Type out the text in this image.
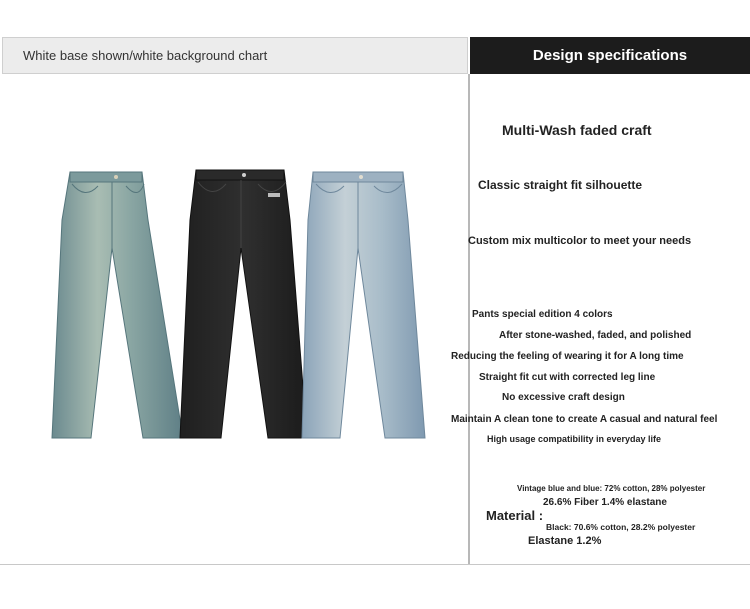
White base shown/white background chart	Design specifications
Multi-Wash faded craft
Classic straight fit silhouette
Custom mix multicolor to meet your needs
Pants special edition 4 colors
After stone-washed, faded, and polished
Reducing the feeling of wearing it for A long time
Straight fit cut with corrected leg line
No excessive craft design
Maintain A clean tone to create A casual and natural feel
High usage compatibility in everyday life
Vintage blue and blue: 72% cotton, 28% polyester
26.6% Fiber 1.4% elastane
Material :
Black: 70.6% cotton, 28.2% polyester
Elastane 1.2%
